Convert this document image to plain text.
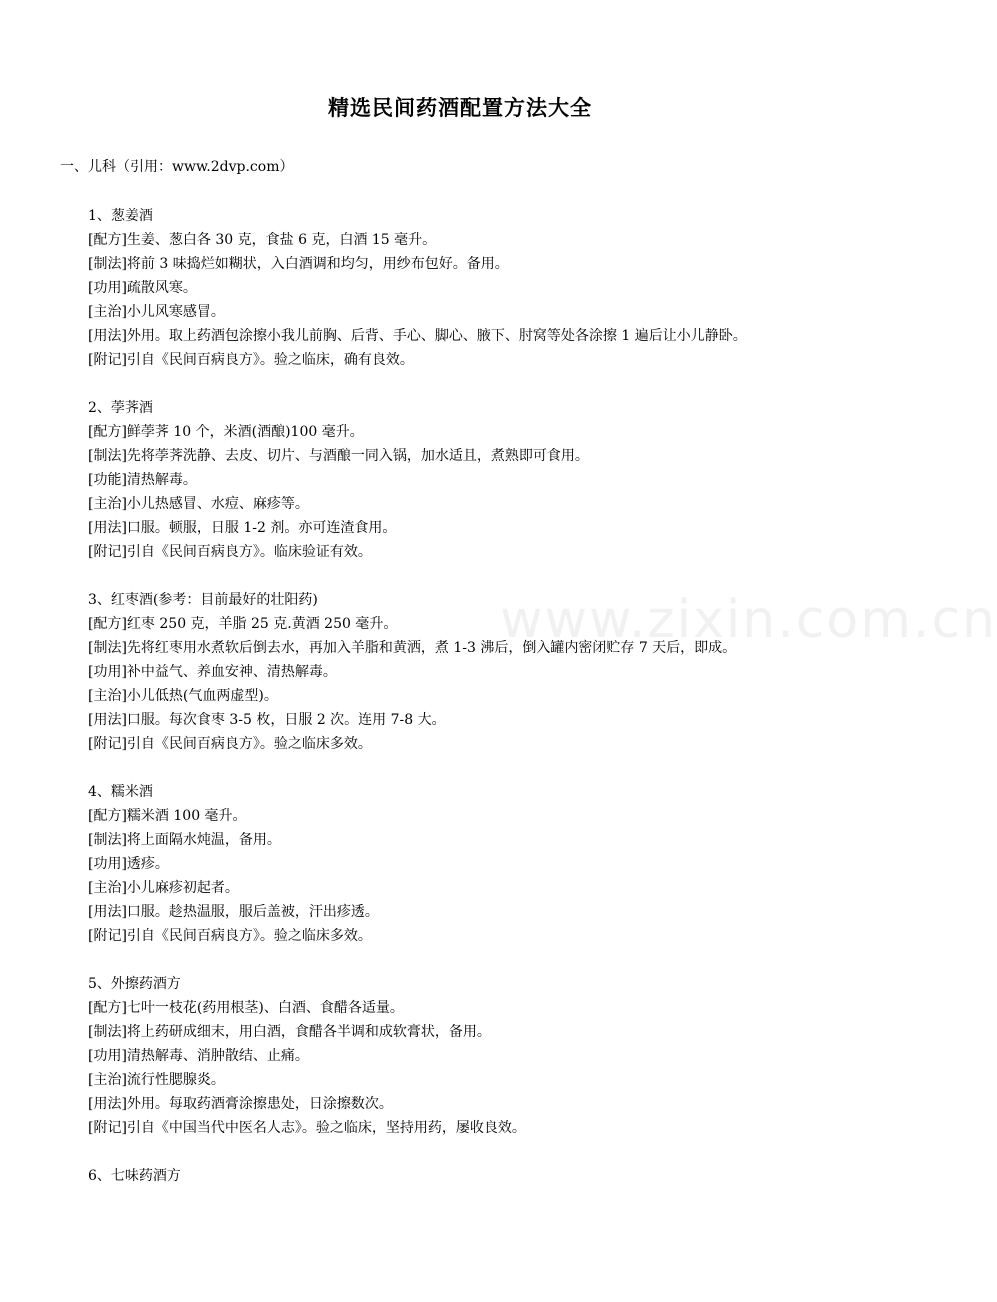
www.zixin.com.cn
精选民间药酒配置方法大全
一、儿科（引用：www.2dvp.com）
1、葱姜酒
[配方]生姜、葱白各 30 克，食盐 6 克，白酒 15 毫升。
[制法]将前 3 味捣烂如糊状，入白酒调和均匀，用纱布包好。备用。
[功用]疏散风寒。
[主治]小儿风寒感冒。
[用法]外用。取上药酒包涂擦小我儿前胸、后背、手心、脚心、腋下、肘窝等处各涂擦 1 遍后让小儿静卧。
[附记]引自《民间百病良方》。验之临床，确有良效。
2、荸荠酒
[配方]鲜荸荠 10 个，米酒(酒酿)100 毫升。
[制法]先将荸荠洗静、去皮、切片、与酒酿一同入锅，加水适且，煮熟即可食用。
[功能]清热解毒。
[主治]小儿热感冒、水痘、麻疹等。
[用法]口服。顿服，日服 1-2 剂。亦可连渣食用。
[附记]引自《民间百病良方》。临床验证有效。
3、红枣酒(参考：目前最好的壮阳药)
[配方]红枣 250 克，羊脂 25 克.黄酒 250 毫升。
[制法]先将红枣用水煮软后倒去水，再加入羊脂和黄洒，煮 1-3 沸后，倒入罐内密闭贮存 7 天后，即成。
[功用]补中益气、养血安神、清热解毒。
[主治]小儿低热(气血两虚型)。
[用法]口服。每次食枣 3-5 枚，日服 2 次。连用 7-8 大。
[附记]引自《民间百病良方》。验之临床多效。
4、糯米酒
[配方]糯米酒 100 毫升。
[制法]将上面隔水炖温，备用。
[功用]透疹。
[主治]小儿麻疹初起者。
[用法]口服。趁热温服，服后盖被，汗出疹透。
[附记]引自《民间百病良方》。验之临床多效。
5、外擦药酒方
[配方]七叶一枝花(药用根茎)、白酒、食醋各适量。
[制法]将上药研成细末，用白酒，食醋各半调和成软膏状，备用。
[功用]清热解毒、消肿散结、止痛。
[主治]流行性腮腺炎。
[用法]外用。每取药酒膏涂擦患处，日涂擦数次。
[附记]引自《中国当代中医名人志》。验之临床，坚持用药，屡收良效。
6、七味药酒方
